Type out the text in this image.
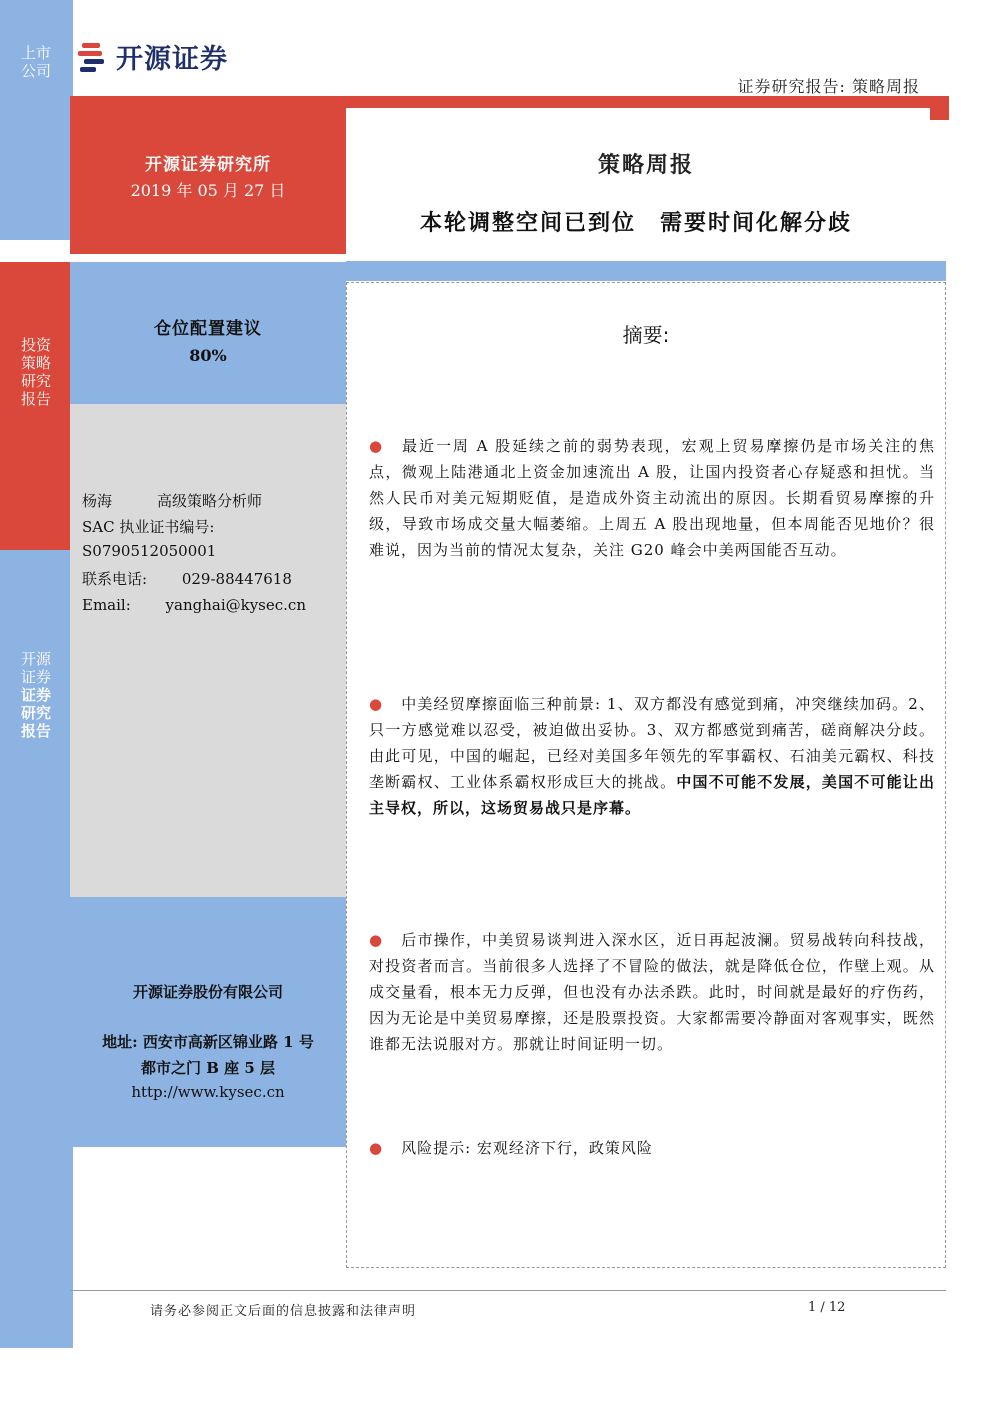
上市公司
投资策略研究报告
开源证券 证券研究报告
开源证券
证券研究报告: 策略周报
开源证券研究所
2019 年 05 月 27 日
策略周报
本轮调整空间已到位　需要时间化解分歧
仓位配置建议
80%
杨海　　　高级策略分析师
SAC 执业证书编号:
S0790512050001
联系电话:　　 029-88447618
Email:　　 yanghai@kysec.cn
开源证券股份有限公司
地址: 西安市高新区锦业路 1 号
都市之门 B 座 5 层
http://www.kysec.cn
摘要:
● 最近一周 A 股延续之前的弱势表现，宏观上贸易摩擦仍是市场关注的焦点，微观上陆港通北上资金加速流出 A 股，让国内投资者心存疑惑和担忧。当然人民币对美元短期贬值，是造成外资主动流出的原因。长期看贸易摩擦的升级，导致市场成交量大幅萎缩。上周五 A 股出现地量，但本周能否见地价？很难说，因为当前的情况太复杂，关注 G20 峰会中美两国能否互动。
● 中美经贸摩擦面临三种前景: 1、双方都没有感觉到痛，冲突继续加码。2、只一方感觉难以忍受，被迫做出妥协。3、双方都感觉到痛苦，磋商解决分歧。由此可见，中国的崛起，已经对美国多年领先的军事霸权、石油美元霸权、科技垄断霸权、工业体系霸权形成巨大的挑战。中国不可能不发展，美国不可能让出主导权，所以，这场贸易战只是序幕。
● 后市操作，中美贸易谈判进入深水区，近日再起波澜。贸易战转向科技战，对投资者而言。当前很多人选择了不冒险的做法，就是降低仓位，作壁上观。从成交量看，根本无力反弹，但也没有办法杀跌。此时，时间就是最好的疗伤药，因为无论是中美贸易摩擦，还是股票投资。大家都需要冷静面对客观事实，既然谁都无法说服对方。那就让时间证明一切。
● 风险提示: 宏观经济下行，政策风险
请务必参阅正文后面的信息披露和法律声明	1 / 12
